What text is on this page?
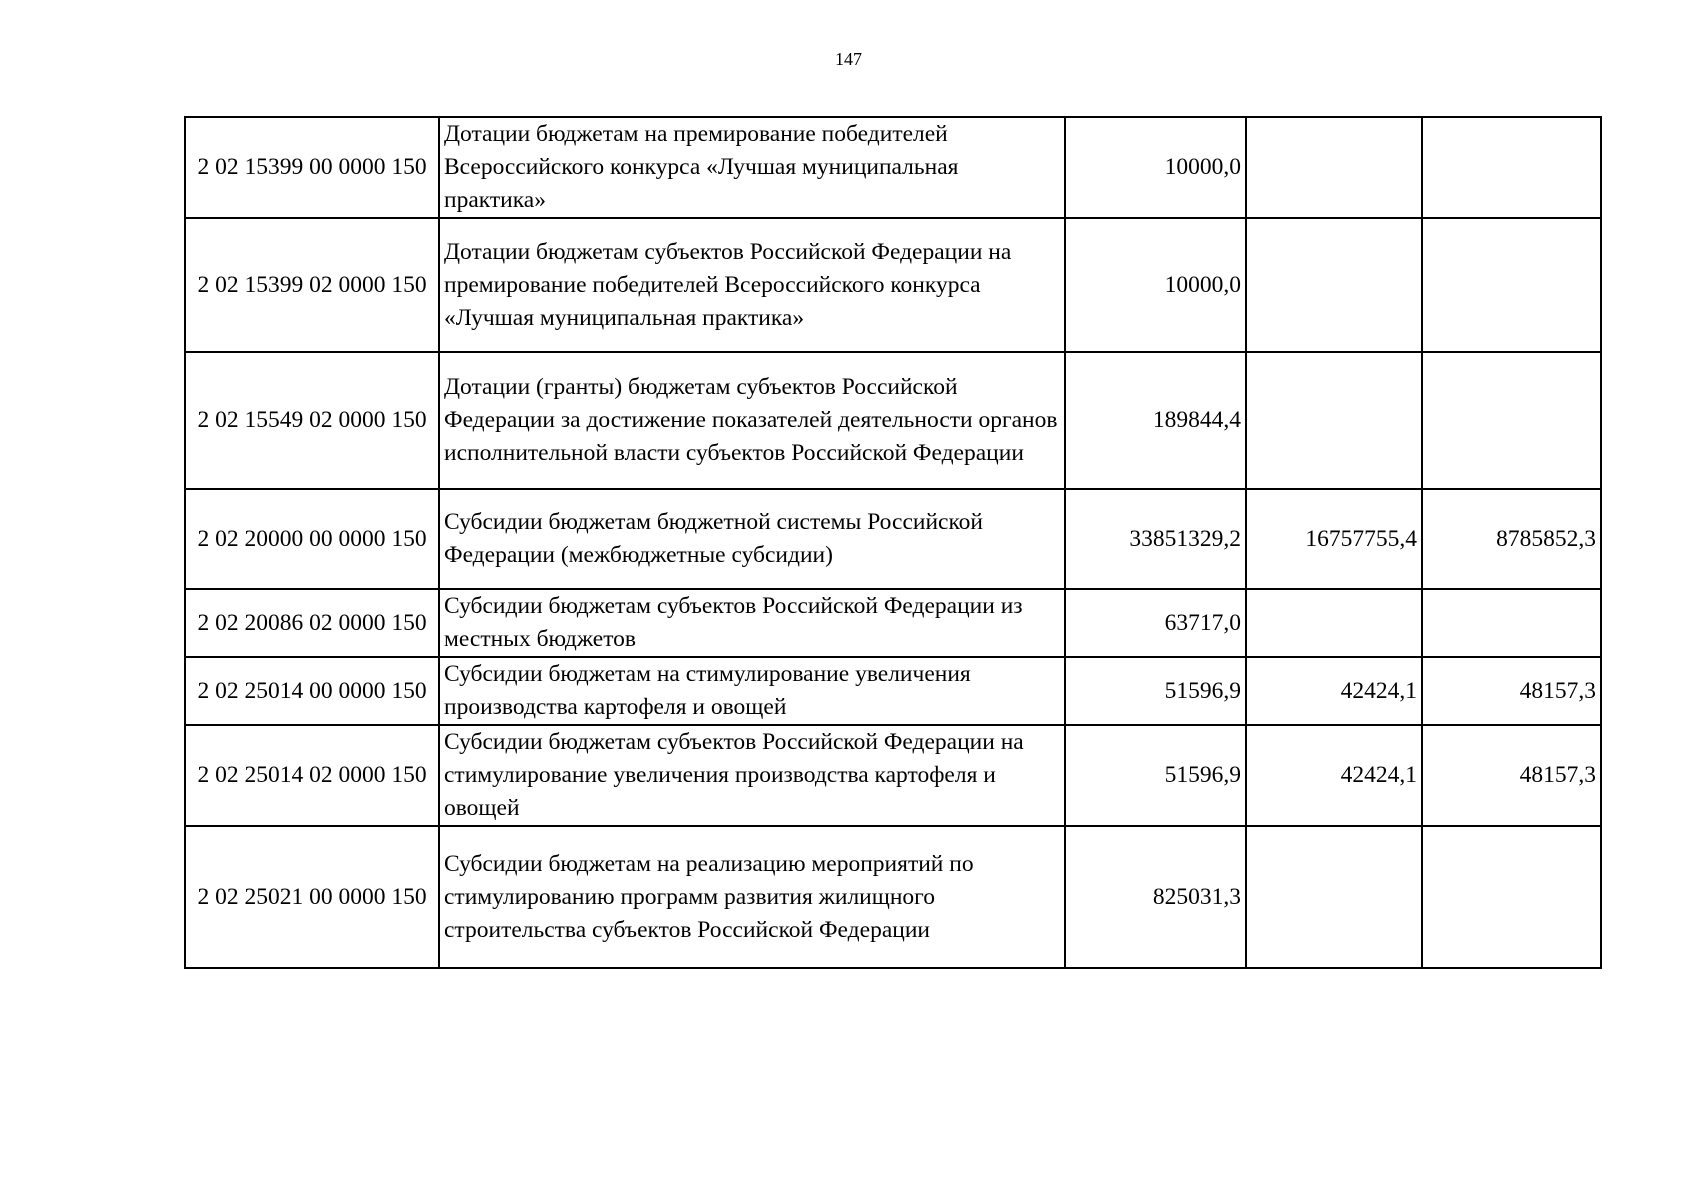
147
2 02 15399 00 0000 150	Дотации бюджетам на премирование победителей Всероссийского конкурса «Лучшая муниципальная практика»	10000,0		
2 02 15399 02 0000 150	Дотации бюджетам субъектов Российской Федерации на премирование победителей Всероссийского конкурса «Лучшая муниципальная практика»	10000,0		
2 02 15549 02 0000 150	Дотации (гранты) бюджетам субъектов Российской Федерации за достижение показателей деятельности органов исполнительной власти субъектов Российской Федерации	189844,4		
2 02 20000 00 0000 150	Субсидии бюджетам бюджетной системы Российской Федерации (межбюджетные субсидии)	33851329,2	16757755,4	8785852,3
2 02 20086 02 0000 150	Субсидии бюджетам субъектов Российской Федерации из местных бюджетов	63717,0		
2 02 25014 00 0000 150	Субсидии бюджетам на стимулирование увеличения производства картофеля и овощей	51596,9	42424,1	48157,3
2 02 25014 02 0000 150	Субсидии бюджетам субъектов Российской Федерации на стимулирование увеличения производства картофеля и овощей	51596,9	42424,1	48157,3
2 02 25021 00 0000 150	Субсидии бюджетам на реализацию мероприятий по стимулированию программ развития жилищного строительства субъектов Российской Федерации	825031,3		
